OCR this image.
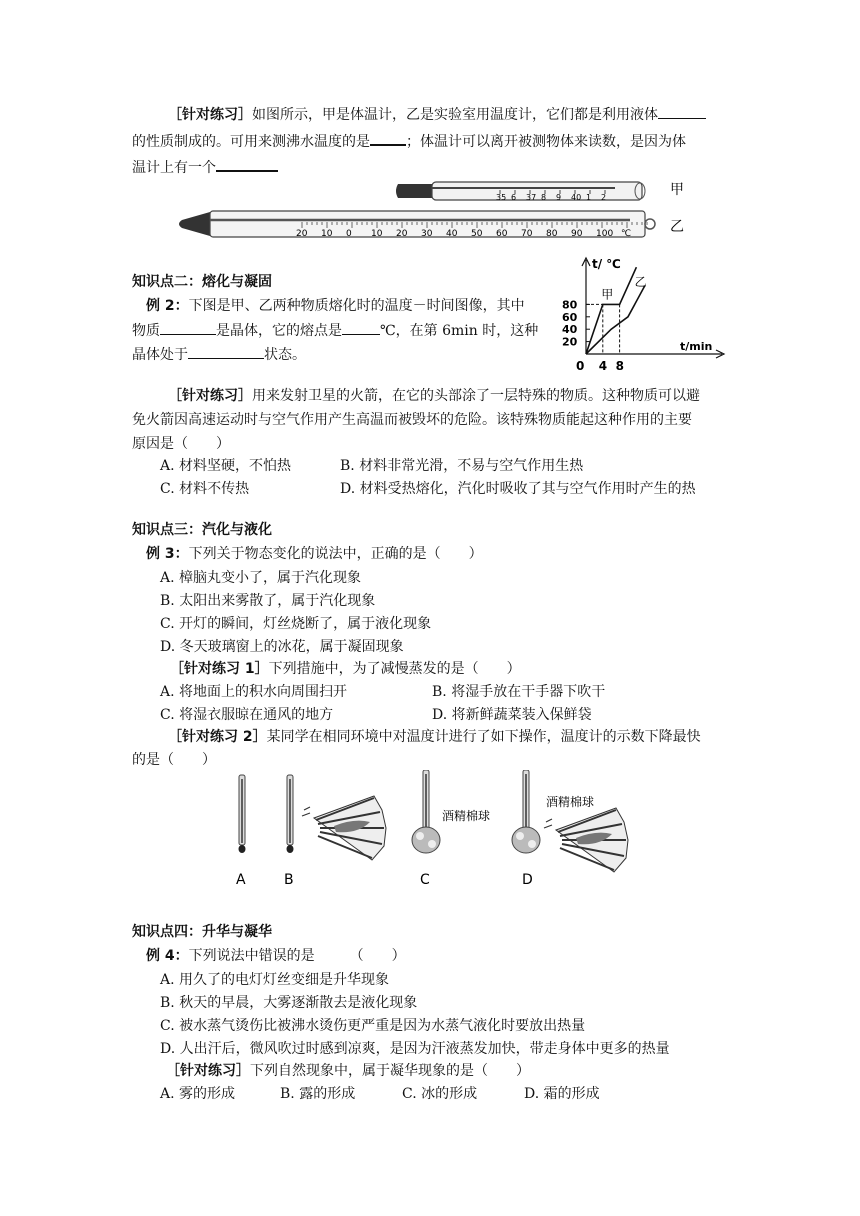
［针对练习］如图所示，甲是体温计，乙是实验室用温度计，它们都是利用液体
的性质制成的。可用来测沸水温度的是	；体温计可以离开被测物体来读数，是因为体
温计上有一个
35 6 37 8 9 40 1 2	甲
20 10 0 10 20 30 40 50 60 70 80 90 100 ℃	乙
知识点二：熔化与凝固
例 2：下图是甲、乙两种物质熔化时的温度－时间图像，其中
物质	是晶体，它的熔点是	℃，在第 6min 时，这种
晶体处于	状态。
t/ ℃
t/min
0
20
40
60
80
4 8
甲
乙
［针对练习］用来发射卫星的火箭，在它的头部涂了一层特殊的物质。这种物质可以避
免火箭因高速运动时与空气作用产生高温而被毁坏的危险。该特殊物质能起这种作用的主要
原因是（　　）
A. 材料坚硬，不怕热	B. 材料非常光滑，不易与空气作用生热
C. 材料不传热	D. 材料受热熔化，汽化时吸收了其与空气作用时产生的热
知识点三：汽化与液化
例 3：下列关于物态变化的说法中，正确的是（　　）
A. 樟脑丸变小了，属于汽化现象
B. 太阳出来雾散了，属于汽化现象
C. 开灯的瞬间，灯丝烧断了，属于液化现象
D. 冬天玻璃窗上的冰花，属于凝固现象
［针对练习 1］下列措施中，为了减慢蒸发的是（　　）
A. 将地面上的积水向周围扫开	B. 将湿手放在干手器下吹干
C. 将湿衣服晾在通风的地方	D. 将新鲜蔬菜装入保鲜袋
［针对练习 2］某同学在相同环境中对温度计进行了如下操作，温度计的示数下降最快
的是（　　）
A	B
酒精棉球
C
酒精棉球
D
知识点四：升华与凝华
例 4：下列说法中错误的是　　　（　　）
A. 用久了的电灯灯丝变细是升华现象
B. 秋天的早晨，大雾逐渐散去是液化现象
C. 被水蒸气烫伤比被沸水烫伤更严重是因为水蒸气液化时要放出热量
D. 人出汗后，微风吹过时感到凉爽，是因为汗液蒸发加快，带走身体中更多的热量
［针对练习］下列自然现象中，属于凝华现象的是（　　）
A. 雾的形成	B. 露的形成	C. 冰的形成	D. 霜的形成
